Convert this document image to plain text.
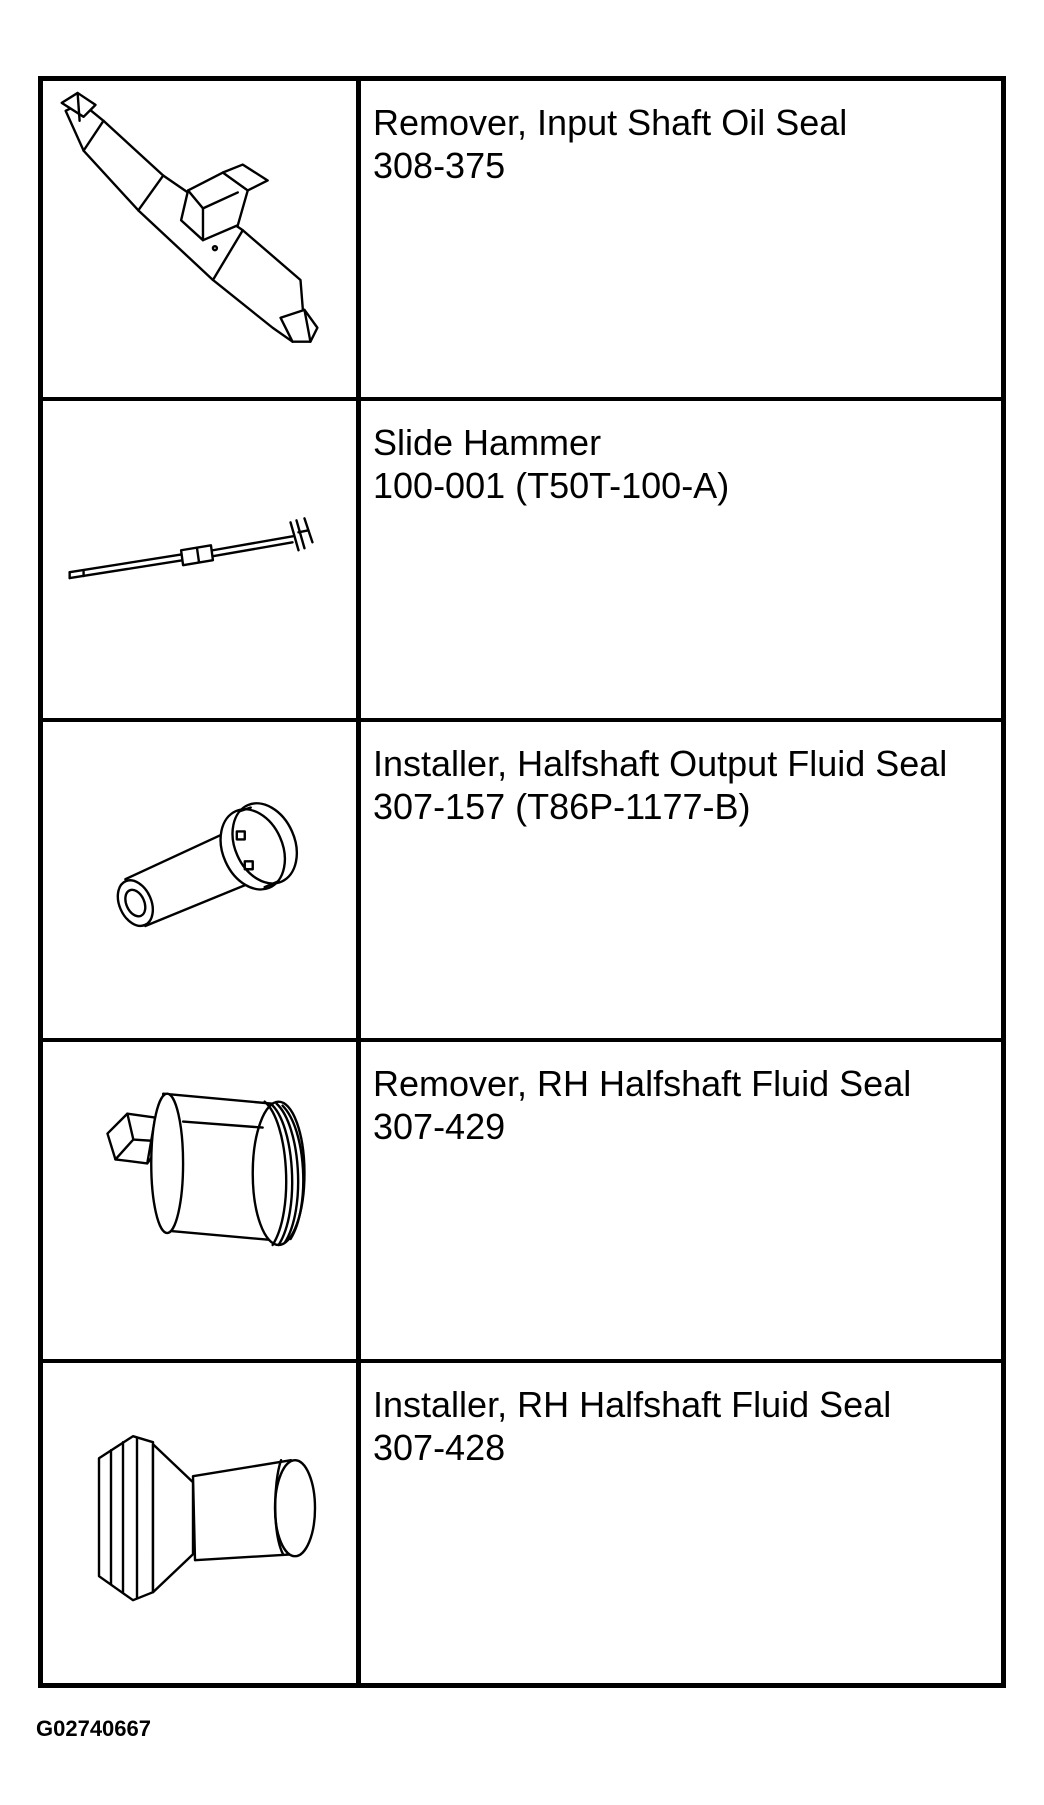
Remover, Input Shaft Oil Seal
308-375
Slide Hammer
100-001 (T50T-100-A)
Installer, Halfshaft Output Fluid Seal
307-157 (T86P-1177-B)
Remover, RH Halfshaft Fluid Seal
307-429
Installer, RH Halfshaft Fluid Seal
307-428
G02740667
